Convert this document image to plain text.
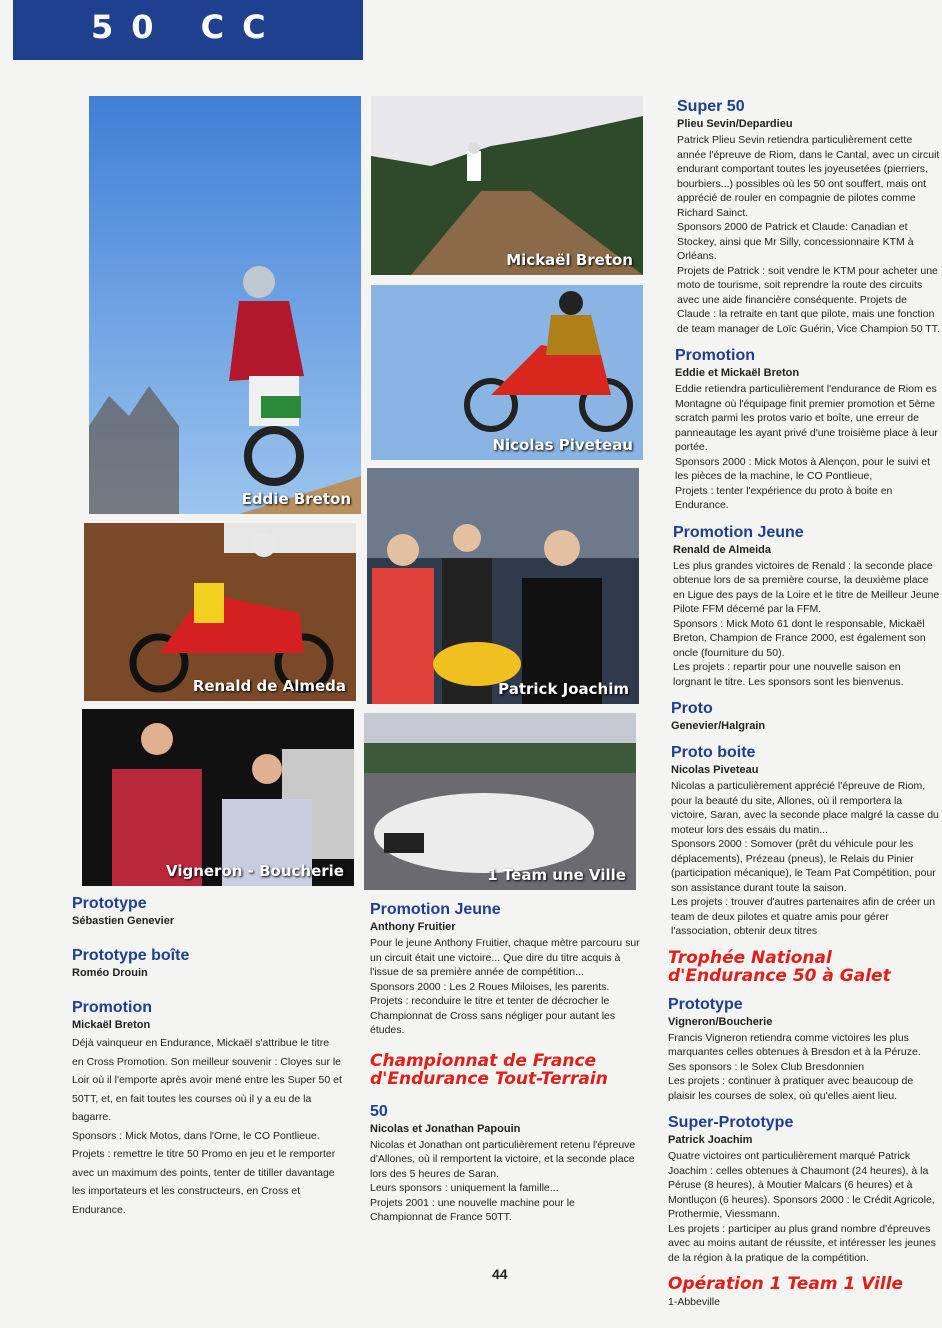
50 CC
Eddie Breton
Mickaël Breton
Nicolas Piveteau
Renald de Almeda	Patrick Joachim
Vigneron - Boucherie	1 Team une Ville

Prototype

Sébastien Genevier

Prototype boîte

Roméo Drouin

Promotion

Mickaël Breton

Déjà vainqueur en Endurance, Mickaël s'attribue le titre en Cross Promotion. Son meilleur souvenir : Cloyes sur le Loir où il l'emporte après avoir mené entre les Super 50 et 50TT, et, en fait toutes les courses où il y a eu de la bagarre.

Sponsors : Mick Motos, dans l'Orne, le CO Pontlieue.

Projets : remettre le titre 50 Promo en jeu et le remporter avec un maximum des points, tenter de titiller davantage les importateurs et les constructeurs, en Cross et Endurance.

Promotion Jeune

Anthony Fruitier

Pour le jeune Anthony Fruitier, chaque mètre parcouru sur un circuit était une victoire... Que dire du titre acquis à l'issue de sa première année de compétition...

Sponsors 2000 : Les 2 Roues Miloises, les parents.

Projets : reconduire le titre et tenter de décrocher le Championnat de Cross sans négliger pour autant les études.

Championnat de France d'Endurance Tout-Terrain

50

Nicolas et Jonathan Papouin

Nicolas et Jonathan ont particulièrement retenu l'épreuve d'Allones, où il remportent la victoire, et la seconde place lors des 5 heures de Saran.

Leurs sponsors : uniquement la famille...

Projets 2001 : une nouvelle machine pour le Championnat de France 50TT.

Super 50

Plieu Sevin/Depardieu

Patrick Plieu Sevin retiendra particulièrement cette année l'épreuve de Riom, dans le Cantal, avec un circuit endurant comportant toutes les joyeusetées (pierriers, bourbiers...) possibles où les 50 ont souffert, mais ont apprécié de rouler en compagnie de pilotes comme Richard Sainct.

Sponsors 2000 de Patrick et Claude: Canadian et Stockey, ainsi que Mr Silly, concessionnaire KTM à Orléans.

Projets de Patrick : soit vendre le KTM pour acheter une moto de tourisme, soit reprendre la route des circuits avec une aide financière conséquente. Projets de Claude : la retraite en tant que pilote, mais une fonction de team manager de Loïc Guérin, Vice Champion 50 TT.

Promotion

Eddie et Mickaël Breton

Eddie retiendra particulièrement l'endurance de Riom es Montagne où l'équipage finit premier promotion et 5ème scratch parmi les protos vario et boîte, une erreur de panneautage les ayant privé d'une troisième place à leur portée.

Sponsors 2000 : Mick Motos à Alençon, pour le suivi et les pièces de la machine, le CO Pontlieue,

Projets : tenter l'expérience du proto à boite en Endurance.

Promotion Jeune

Renald de Almeida

Les plus grandes victoires de Renald : la seconde place obtenue lors de sa première course, la deuxième place en Ligue des pays de la Loire et le titre de Meilleur Jeune Pilote FFM décerné par la FFM.

Sponsors : Mick Moto 61 dont le responsable, Mickaël Breton, Champion de France 2000, est également son oncle (fourniture du 50).

Les projets : repartir pour une nouvelle saison en lorgnant le titre. Les sponsors sont les bienvenus.

Proto

Genevier/Halgrain

Proto boite

Nicolas Piveteau

Nicolas a particulièrement apprécié l'épreuve de Riom, pour la beauté du site, Allones, où il remportera la victoire, Saran, avec la seconde place malgré la casse du moteur lors des essais du matin...

Sponsors 2000 : Somover (prêt du véhicule pour les déplacements), Prézeau (pneus), le Relais du Pinier (participation mécanique), le Team Pat Compétition, pour son assistance durant toute la saison.

Les projets : trouver d'autres partenaires afin de créer un team de deux pilotes et quatre amis pour gérer l'association, obtenir deux titres

Trophée National d'Endurance 50 à Galet

Prototype

Vigneron/Boucherie

Francis Vigneron retiendra comme victoires les plus marquantes celles obtenues à Bresdon et à la Péruze.

Ses sponsors : le Solex Club Bresdonnien

Les projets : continuer à pratiquer avec beaucoup de plaisir les courses de solex, où qu'elles aient lieu.

Super-Prototype

Patrick Joachim

Quatre victoires ont particulièrement marqué Patrick Joachim : celles obtenues à Chaumont (24 heures), à la Péruse (8 heures), à Moutier Malcars (6 heures) et à Montluçon (6 heures). Sponsors 2000 : le Crédit Agricole, Prothermie, Viessmann.

Les projets : participer au plus grand nombre d'épreuves avec au moins autant de réussite, et intéresser les jeunes de la région à la pratique de la compétition.

Opération 1 Team 1 Ville

1-Abbeville

44
